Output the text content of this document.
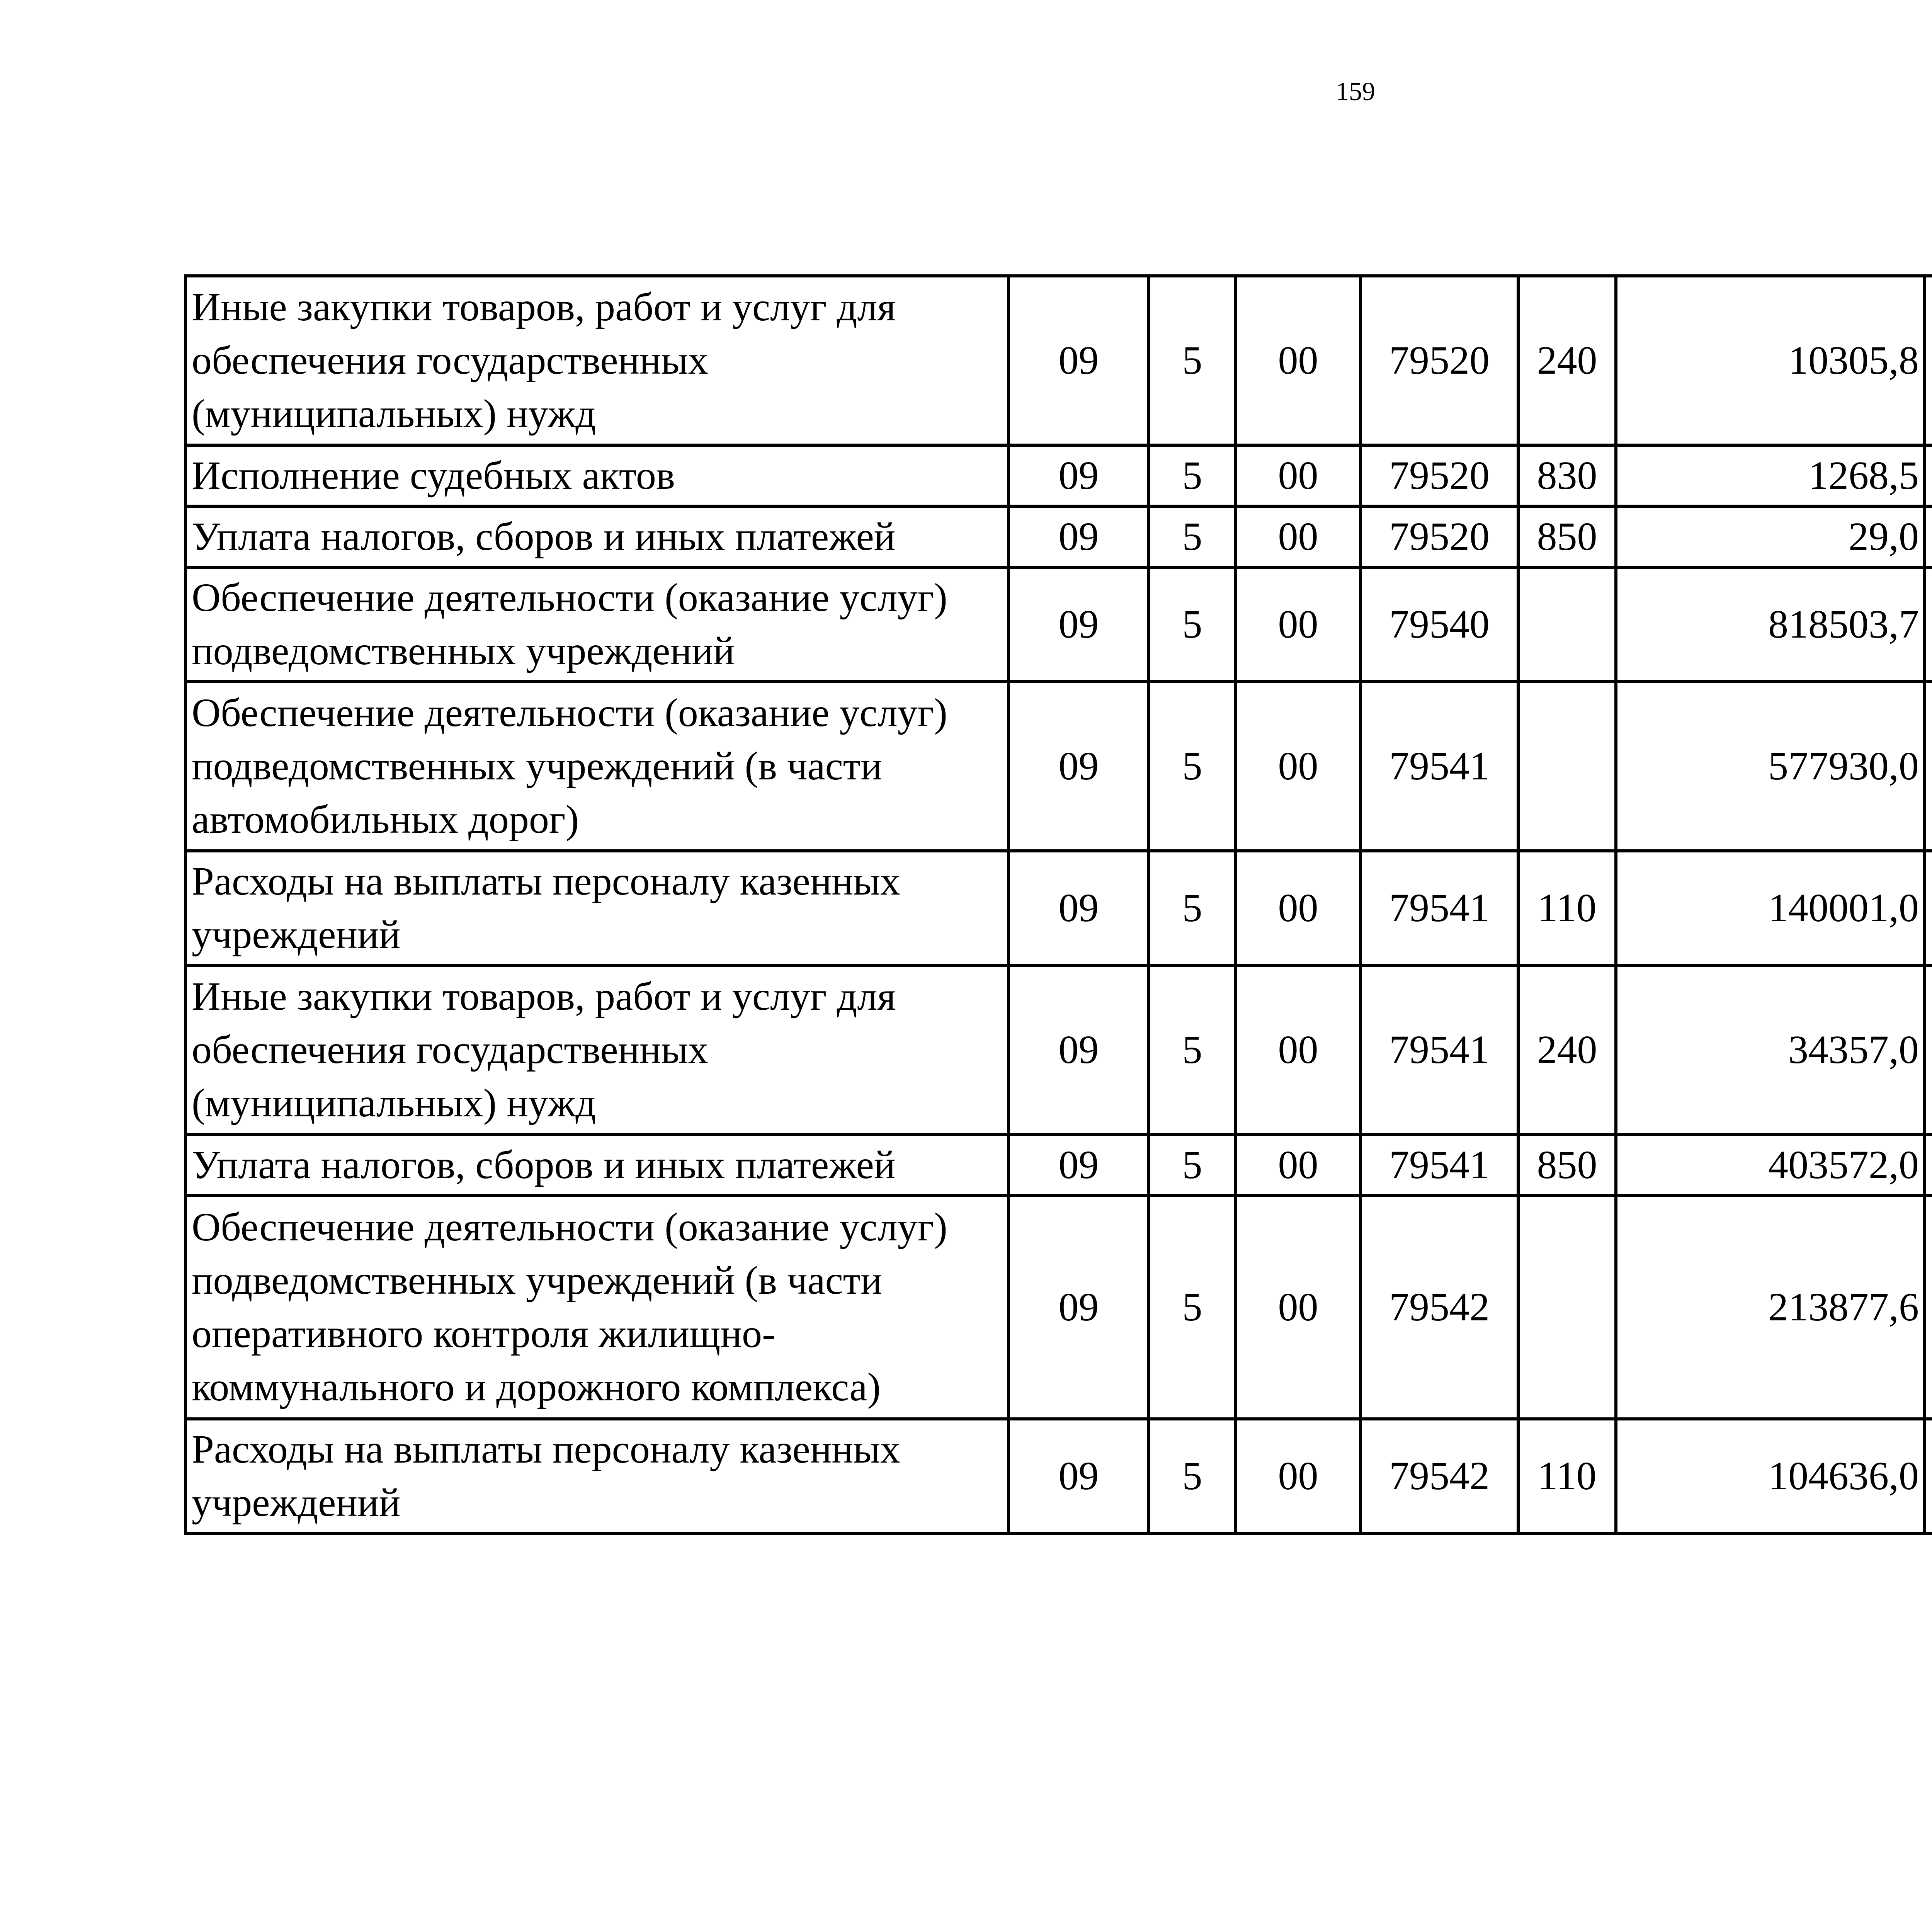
159
Иные закупки товаров, работ и услуг для обеспечения государственных (муниципальных) нужд	09	5	00	79520	240	10305,8		
Исполнение судебных актов	09	5	00	79520	830	1268,5		
Уплата налогов, сборов и иных платежей	09	5	00	79520	850	29,0		
Обеспечение деятельности (оказание услуг) подведомственных учреждений	09	5	00	79540		818503,7		
Обеспечение деятельности (оказание услуг) подведомственных учреждений (в части автомобильных дорог)	09	5	00	79541		577930,0		
Расходы на выплаты персоналу казенных учреждений	09	5	00	79541	110	140001,0		
Иные закупки товаров, работ и услуг для обеспечения государственных (муниципальных) нужд	09	5	00	79541	240	34357,0		
Уплата налогов, сборов и иных платежей	09	5	00	79541	850	403572,0		
Обеспечение деятельности (оказание услуг) подведомственных учреждений (в части оперативного контроля жилищно-коммунального и дорожного комплекса)	09	5	00	79542		213877,6		
Расходы на выплаты персоналу казенных учреждений	09	5	00	79542	110	104636,0		
